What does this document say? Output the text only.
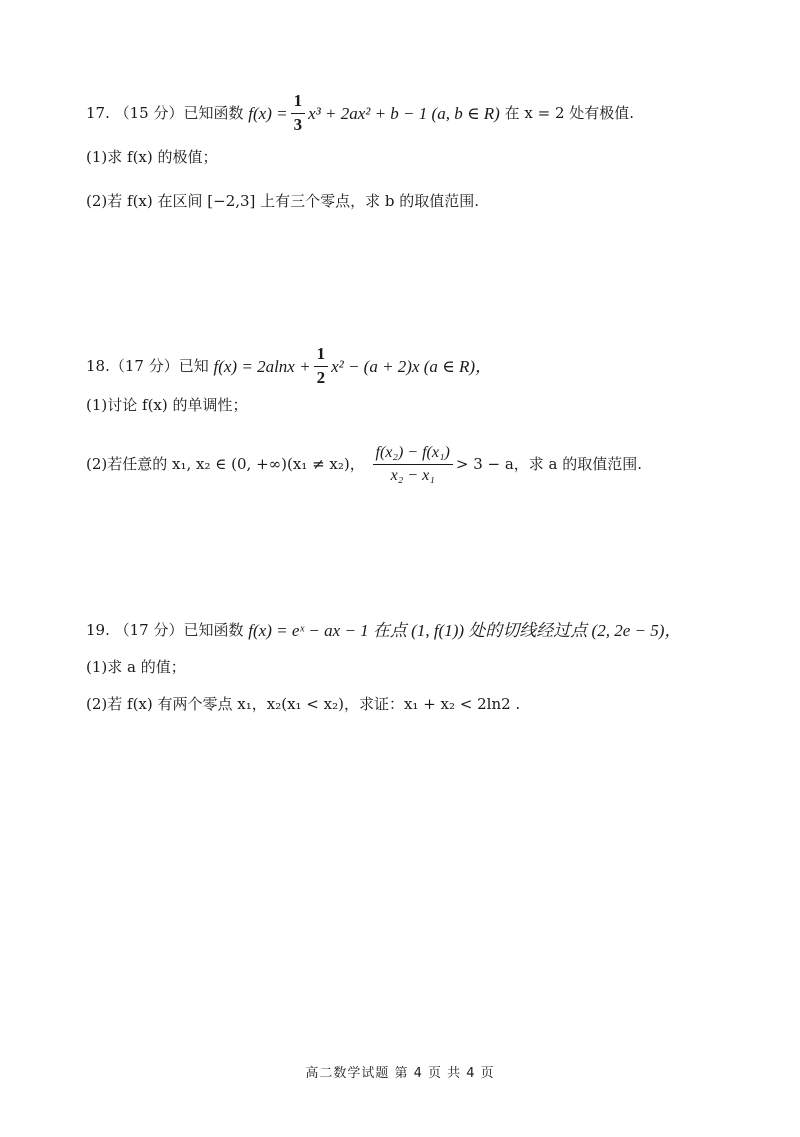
17. （15 分）已知函数
$f(x) = \frac{1}{3} x^3 + 2ax^2 + b - 1$ (a, b ∈ R)
在 x = 2 处有极值.
(1) 求 f(x) 的极值；
(2) 若 f(x) 在区间 [−2,3] 上有三个零点，求 b 的取值范围.
18.（17 分）已知
$f(x) = 2alnx + \frac{1}{2} x^2 - (a + 2)x$ (a ∈ R)，
(1) 讨论 f(x) 的单调性；
(2) 若任意的 x₁, x₂ ∈ (0, +∞)(x₁ ≠ x₂)，
$\frac{\text{f(x₂) − f(x₁)}}{\text{x₂ − x₁}} > 3 - a$，求 a 的取值范围.
19. （17 分）已知函数
f(x) = eˣ − ax − 1 在点 (1, f(1)) 处的切线经过点 (2, 2e − 5)，
(1) 求 a 的值；
(2) 若 f(x) 有两个零点 x₁，x₂(x₁ < x₂)，求证：x₁ + x₂ < 2ln2 .
高二数学试题 第 4 页 共 4 页
